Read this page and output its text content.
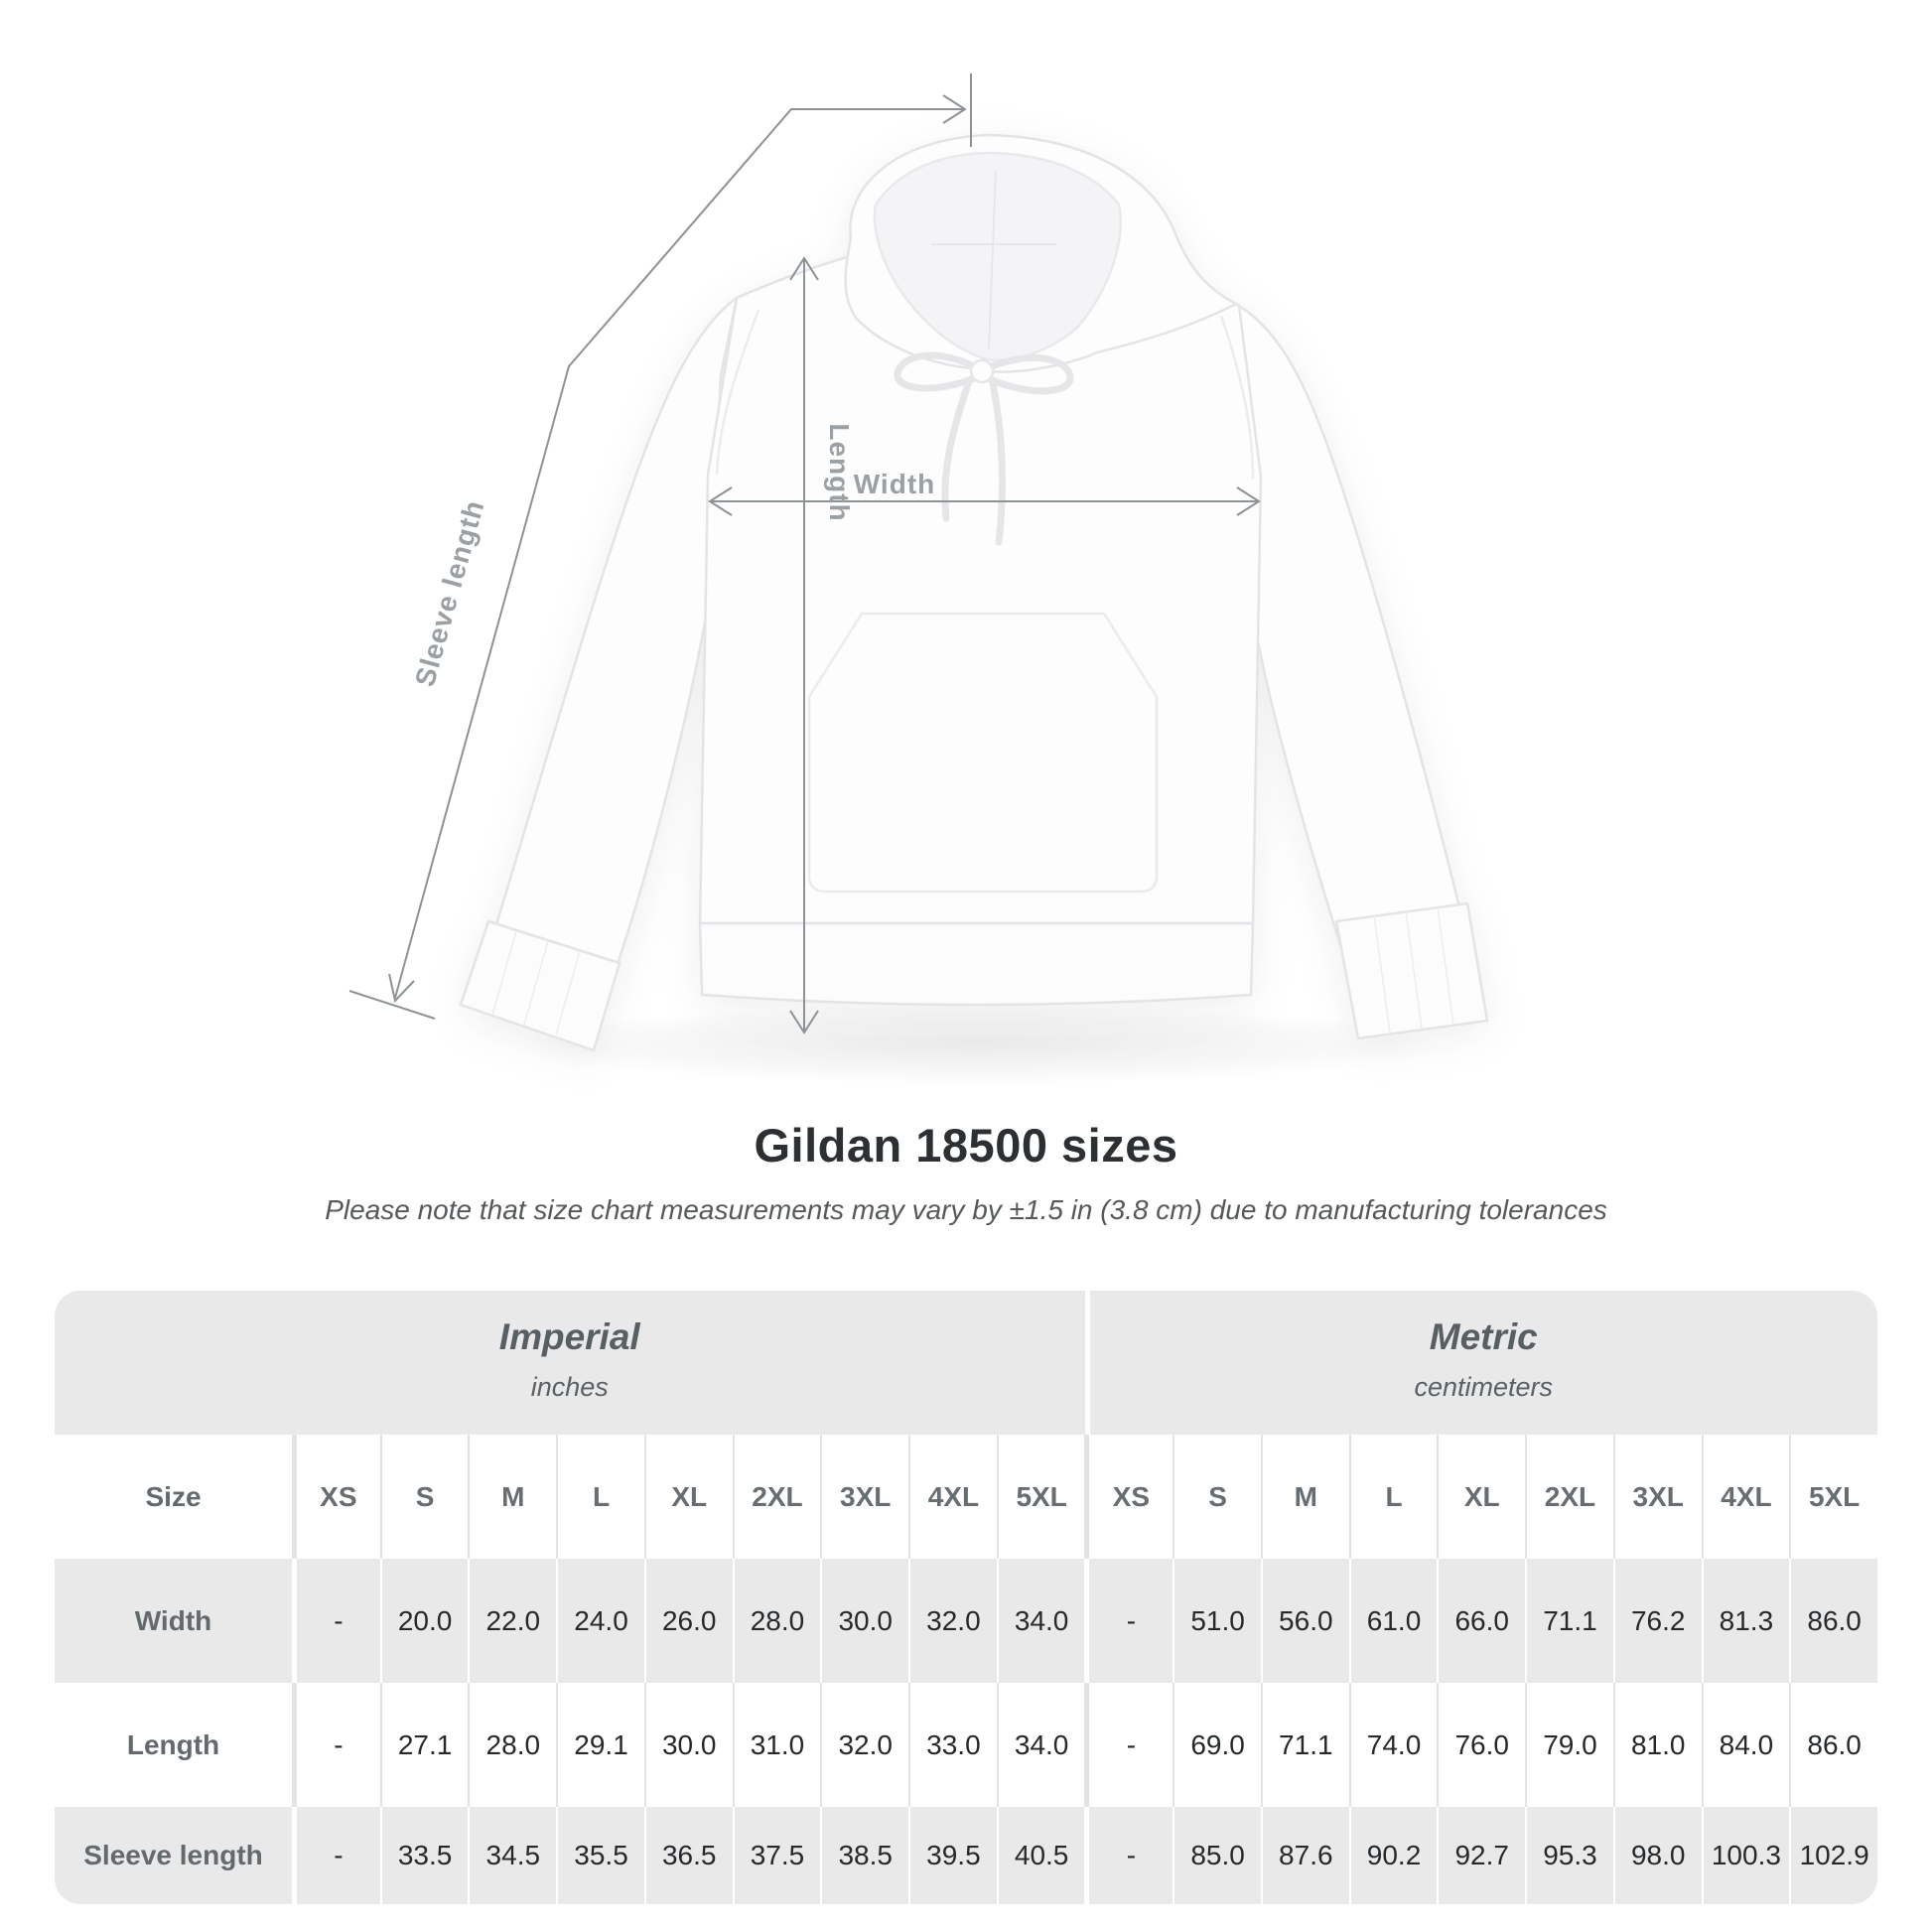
Sleeve length
Length
Width
Gildan 18500 sizes
Please note that size chart measurements may vary by ±1.5 in (3.8 cm) due to manufacturing tolerances
Imperial
inches
Metric
centimeters
Size	XS	S	M	L	XL	2XL	3XL	4XL	5XL	XS	S	M	L	XL	2XL	3XL	4XL	5XL
Width	-	20.0	22.0	24.0	26.0	28.0	30.0	32.0	34.0	-	51.0	56.0	61.0	66.0	71.1	76.2	81.3	86.0
Length	-	27.1	28.0	29.1	30.0	31.0	32.0	33.0	34.0	-	69.0	71.1	74.0	76.0	79.0	81.0	84.0	86.0
Sleeve length	-	33.5	34.5	35.5	36.5	37.5	38.5	39.5	40.5	-	85.0	87.6	90.2	92.7	95.3	98.0 100.3 102.9
